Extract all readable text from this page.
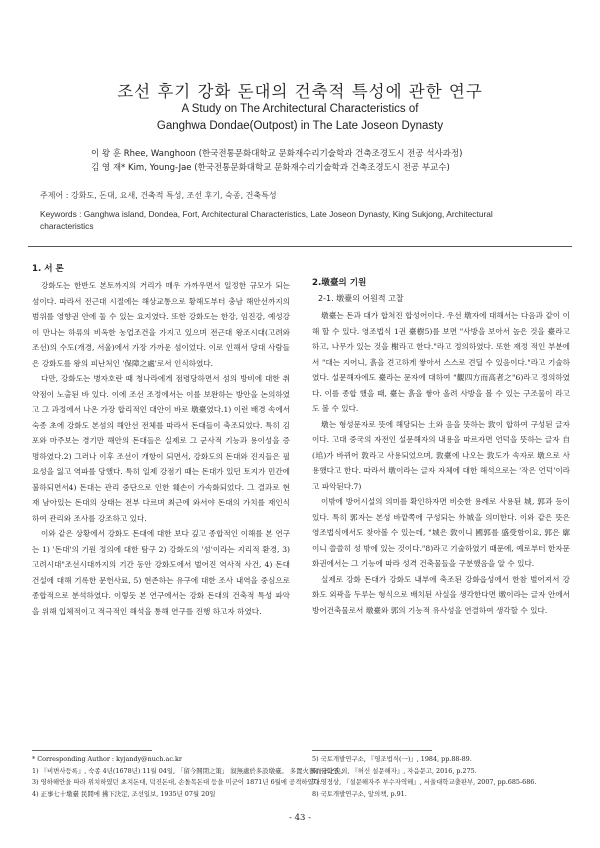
조선 후기 강화 돈대의 건축적 특성에 관한 연구
A Study on The Architectural Characteristics of
Ganghwa Dondae(Outpost) in The Late Joseon Dynasty
이 왕 훈 Rhee, Wanghoon (한국전통문화대학교 문화재수리기술학과 건축조경도시 전공 석사과정)
김 영 재* Kim, Young-Jae (한국전통문화대학교 문화재수리기술학과 건축조경도시 전공 부교수)
주제어 : 강화도, 돈대, 요새, 건축적 특성, 조선 후기, 숙종, 건축특성
Keywords : Ganghwa island, Dondea, Fort, Architectural Characteristics, Late Joseon Dynasty, King Sukjong, Architectural
characteristics
1. 서 론

강화도는 한반도 본토까지의 거리가 매우 가까우면서 일정한 규모가 되는 섬이다. 따라서 전근대 시절에는 해상교통으로 황해도부터 충남 해안선까지의 범위를 영향권 안에 둘 수 있는 요지였다. 또한 강화도는 한강, 임진강, 예성강이 만나는 하류의 비옥한 농업조건을 가지고 있으며 전근대 왕조시대(고려와 조선)의 수도(개경, 서울)에서 가장 가까운 섬이었다. 이로 인해서 당대 사람들은 강화도를 왕의 피난처인 '保障之處'로서 인식하였다.

다만, 강화도는 병자호란 때 청나라에게 점령당하면서 섬의 방비에 대한 취약점이 노출된 바 있다. 이에 조선 조정에서는 이를 보완하는 방안을 논의하였고 그 과정에서 나온 가장 합리적인 대안이 바로 墩臺였다.1) 이런 배경 속에서 숙종 초에 강화도 본섬의 해안선 전체를 따라서 돈대들이 축조되었다. 특히 김포와 마주보는 경기만 해안의 돈대들은 실제로 그 군사적 기능과 용이성을 증명하였다.2) 그러나 이후 조선이 개항이 되면서, 강화도의 돈대와 진지들은 필요성을 잃고 역파를 당했다. 특히 일제 강점기 때는 돈대가 있던 토지가 민간에 불하되면서4) 돈대는 관리 중단으로 인한 훼손이 가속화되었다. 그 결과로 현재 남아있는 돈대의 상태는 전부 다르며 최근에 와서야 돈대의 가치를 재인식하여 관리와 조사를 강조하고 있다.

이와 같은 상황에서 강화도 돈대에 대한 보다 깊고 종합적인 이해를 본 연구는 1) '돈대'의 기원 정의에 대한 탐구 2) 강화도의 '섬'이라는 지리적 환경, 3) 고려시대"조선시대까지의 기간 동안 강화도에서 벌어진 역사적 사건, 4) 돈대 건설에 대해 기록한 문헌사료, 5) 현존하는 유구에 대한 조사 내역을 중심으로 종합적으로 분석하였다. 이렇듯 본 연구에서는 강화 돈대의 건축적 특성 파악을 위해 입체적이고 적극적인 해석을 통해 연구를 진행 하고자 하였다.

2.墩臺의 기원
2-1. 墩臺의 어원적 고찰

墩臺는 돈과 대가 합쳐진 합성어이다. 우선 墩자에 대해서는 다음과 같이 이해 할 수 있다. 영조법식 1권 臺樹5)를 보면 "사방을 보아서 높은 것을 臺라고 하고, 나무가 있는 것을 榭라고 한다."라고 정의하였다. 또한 재정 적인 부분에서 "대는 지어니, 흙을 견고하게 쌓아서 스스로 견딜 수 있음이다."라고 기술하였다. 설문해자에도 臺라는 문자에 대하여 "觀四方而高者之"6)라고 정의하였다. 이를 종합 했을 때, 臺는 흙을 쌓아 올려 사방을 볼 수 있는 구조물이 라고도 볼 수 있다.

墩는 형성문자로 뜻에 해당되는 土와 음을 뜻하는 敦이 합하여 구성된 글자이다. 고대 중국의 자전인 설문해자의 내용을 따르자면 언덕을 뜻하는 글자 自(垖)가 바뀌어 敦라고 사용되었으며, 敦臺에 나오는 敦도가 속자로 墩으로 사용했다고 한다. 따라서 墩이라는 글자 자체에 대한 해석으로는 '작은 언덕'이라고 파악된다.7)

이밖에 방어시설의 의미를 확인하자면 비슷한 용례로 사용된 城, 郭과 등이 있다. 특히 郭자는 본성 바깥쪽에 구성되는 外城을 의미한다. 이와 같은 뜻은 영조법식에서도 찾아볼 수 있는데, "城은 敦이니 國郭를 盛受함이요, 郭은 廓이니 쓸쓸히 성 밖에 있는 것이다."8)라고 기술하였기 때문에, 예로부터 한자문화권에서는 그 기능에 따라 성격 건축물들을 구분했음을 알 수 있다.

실제로 강화 돈대가 강화도 내부에 축조된 강화읍성에서 한참 벌어져서 강화도 외곽을 두루는 형식으로 배치된 사실을 생각한다면 墩이라는 글자 안에서 방어건축물로서 墩臺와 郭의 기능적 유사성을 연결하여 생각할 수 있다.

* Corresponding Author : kyjandy@nuch.ac.kr
1) 『비변사등록』, 숙종 4년(1678년) 11월 04일, 「留今開閉之策」 叙無處於多設墩臺。 多置火器而守之矣。
3) 영하해안을 따라 위치하였던 초지돈대, 덕진돈대, 손돌목돈대 등을 미군이 1871년 6월에 공격하였다.
4) 正事七十墩臺 民間에 拂下決定, 조선일보, 1935년 07월 20일
5) 국토개발연구소, 『영조법식(一)』, 1984, pp.88-89.
6) 금화연 외, 『허신 설문해자』, 자음문고, 2016, p.275.
7) 영정상, 『설문해자주 부수자역해』, 서울대학교출판부, 2007, pp.685-686.
8) 국토개발연구소, 앞의책, p.91.
- 43 -
